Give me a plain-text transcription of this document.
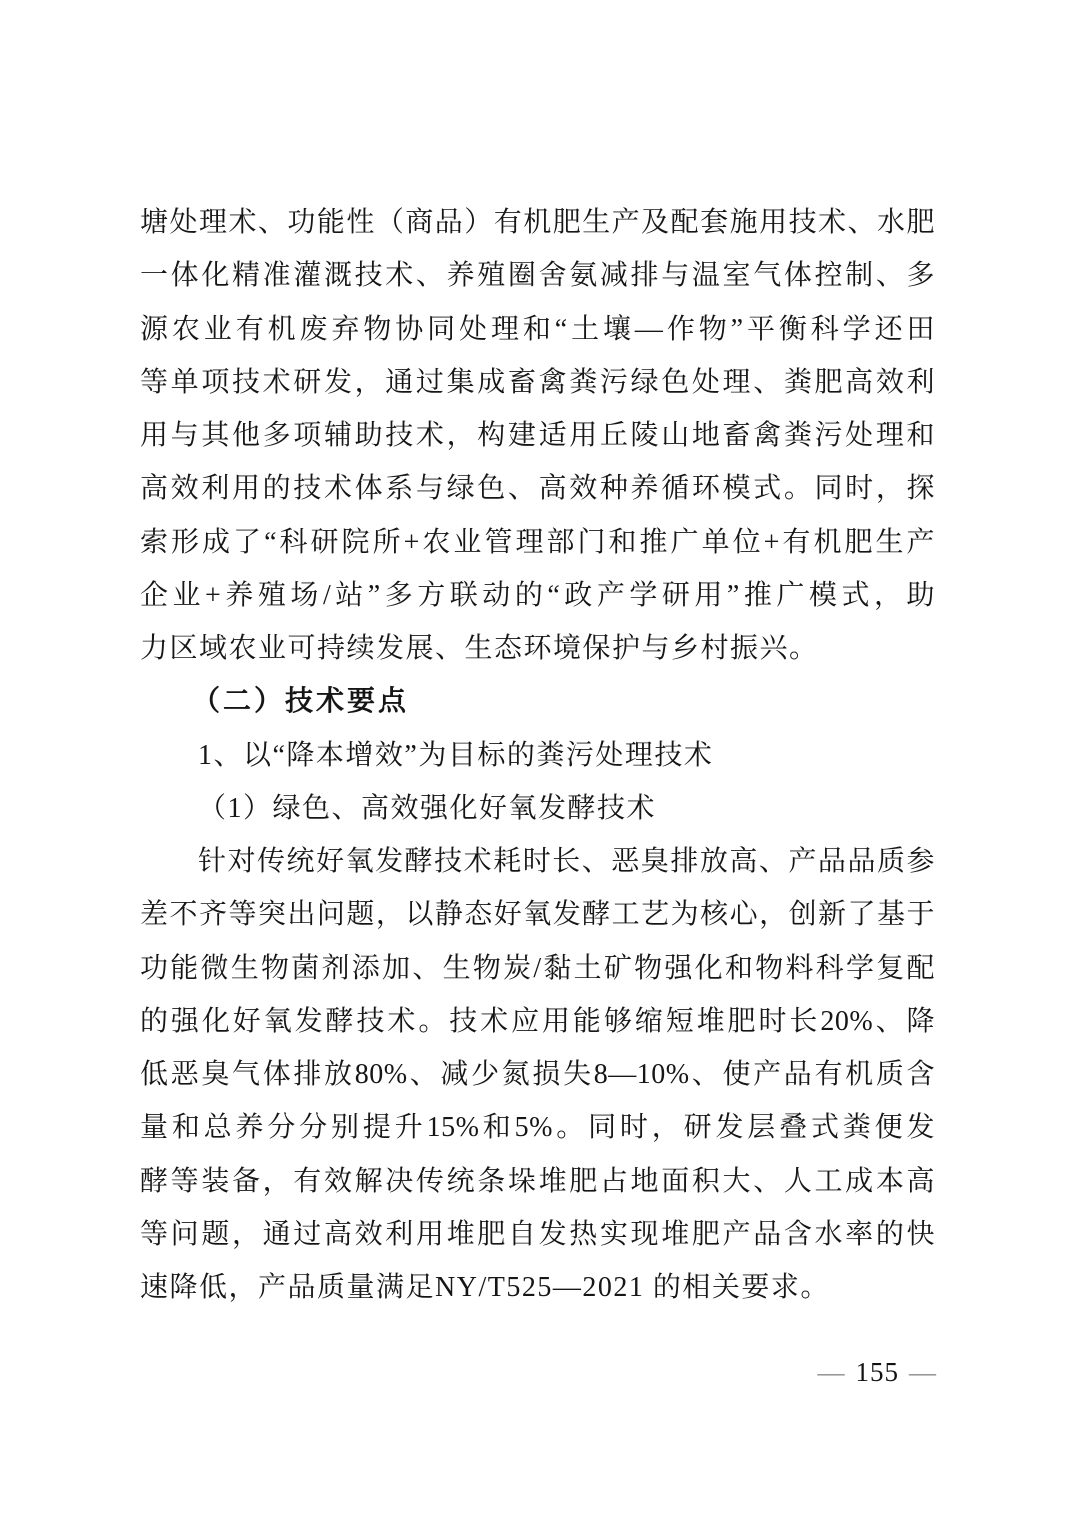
塘处理术、功能性（商品）有机肥生产及配套施用技术、水肥
一体化精准灌溉技术、养殖圈舍氨减排与温室气体控制、多
源农业有机废弃物协同处理和“土壤—作物”平衡科学还田
等单项技术研发，通过集成畜禽粪污绿色处理、粪肥高效利
用与其他多项辅助技术，构建适用丘陵山地畜禽粪污处理和
高效利用的技术体系与绿色、高效种养循环模式。同时，探
索形成了“科研院所+农业管理部门和推广单位+有机肥生产
企业+养殖场/站”多方联动的“政产学研用”推广模式，助
力区域农业可持续发展、生态环境保护与乡村振兴。
（二）技术要点
1、以“降本增效”为目标的粪污处理技术
（1）绿色、高效强化好氧发酵技术
针对传统好氧发酵技术耗时长、恶臭排放高、产品品质参
差不齐等突出问题，以静态好氧发酵工艺为核心，创新了基于
功能微生物菌剂添加、生物炭/黏土矿物强化和物料科学复配
的强化好氧发酵技术。技术应用能够缩短堆肥时长20%、降
低恶臭气体排放80%、减少氮损失8—10%、使产品有机质含
量和总养分分别提升15%和5%。同时，研发层叠式粪便发
酵等装备，有效解决传统条垛堆肥占地面积大、人工成本高
等问题，通过高效利用堆肥自发热实现堆肥产品含水率的快
速降低，产品质量满足NY/T525—2021 的相关要求。
— 155 —
